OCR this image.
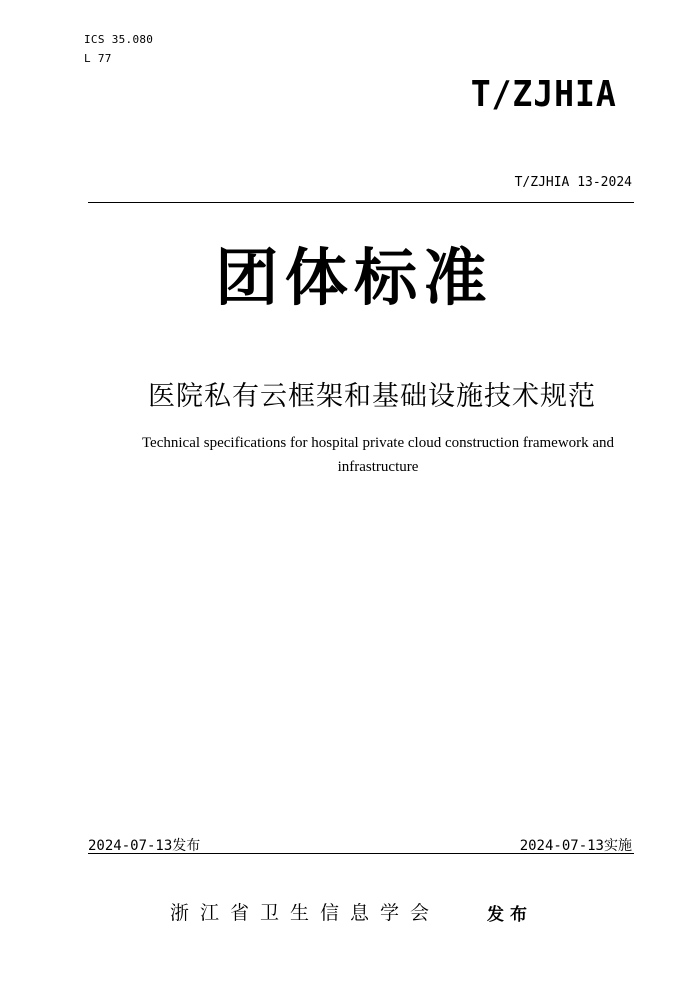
ICS 35.080
L 77
T/ZJHIA
T/ZJHIA 13-2024
团体标准
医院私有云框架和基础设施技术规范
Technical specifications for hospital private cloud construction framework and infrastructure
2024-07-13发布	2024-07-13实施
浙江省卫生信息学会	发布
